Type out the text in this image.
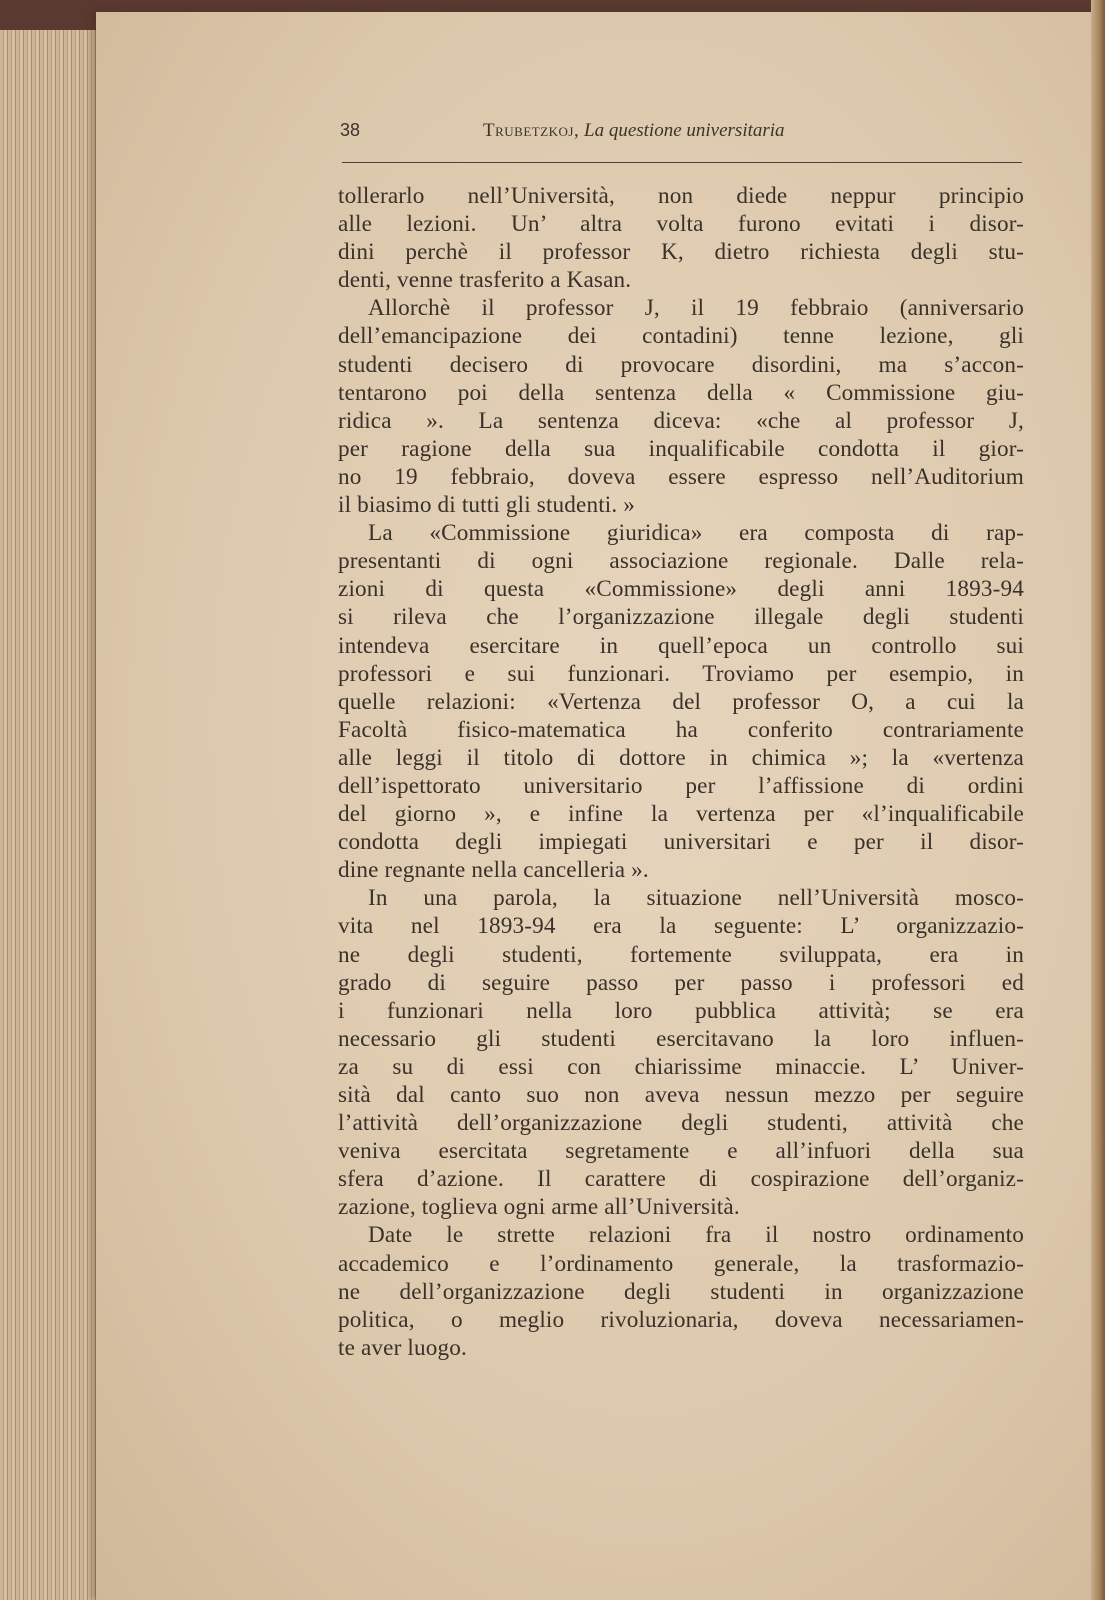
38	Trubetzkoj, La questione universitaria
tollerarlo nell’Università, non diede neppur principio
alle lezioni. Un’ altra volta furono evitati i disor-
dini perchè il professor K, dietro richiesta degli stu-
denti, venne trasferito a Kasan.
Allorchè il professor J, il 19 febbraio (anniversario
dell’emancipazione dei contadini) tenne lezione, gli
studenti decisero di provocare disordini, ma s’accon-
tentarono poi della sentenza della « Commissione giu-
ridica ». La sentenza diceva: «che al professor J,
per ragione della sua inqualificabile condotta il gior-
no 19 febbraio, doveva essere espresso nell’Auditorium
il biasimo di tutti gli studenti. »
La «Commissione giuridica» era composta di rap-
presentanti di ogni associazione regionale. Dalle rela-
zioni di questa «Commissione» degli anni 1893-94
si rileva che l’organizzazione illegale degli studenti
intendeva esercitare in quell’epoca un controllo sui
professori e sui funzionari. Troviamo per esempio, in
quelle relazioni: «Vertenza del professor O, a cui la
Facoltà fisico-matematica ha conferito contrariamente
alle leggi il titolo di dottore in chimica »; la «vertenza
dell’ispettorato universitario per l’affissione di ordini
del giorno », e infine la vertenza per «l’inqualificabile
condotta degli impiegati universitari e per il disor-
dine regnante nella cancelleria ».
In una parola, la situazione nell’Università mosco-
vita nel 1893-94 era la seguente: L’ organizzazio-
ne degli studenti, fortemente sviluppata, era in
grado di seguire passo per passo i professori ed
i funzionari nella loro pubblica attività; se era
necessario gli studenti esercitavano la loro influen-
za su di essi con chiarissime minaccie. L’ Univer-
sità dal canto suo non aveva nessun mezzo per seguire
l’attività dell’organizzazione degli studenti, attività che
veniva esercitata segretamente e all’infuori della sua
sfera d’azione. Il carattere di cospirazione dell’organiz-
zazione, toglieva ogni arme all’Università.
Date le strette relazioni fra il nostro ordinamento
accademico e l’ordinamento generale, la trasformazio-
ne dell’organizzazione degli studenti in organizzazione
politica, o meglio rivoluzionaria, doveva necessariamen-
te aver luogo.
